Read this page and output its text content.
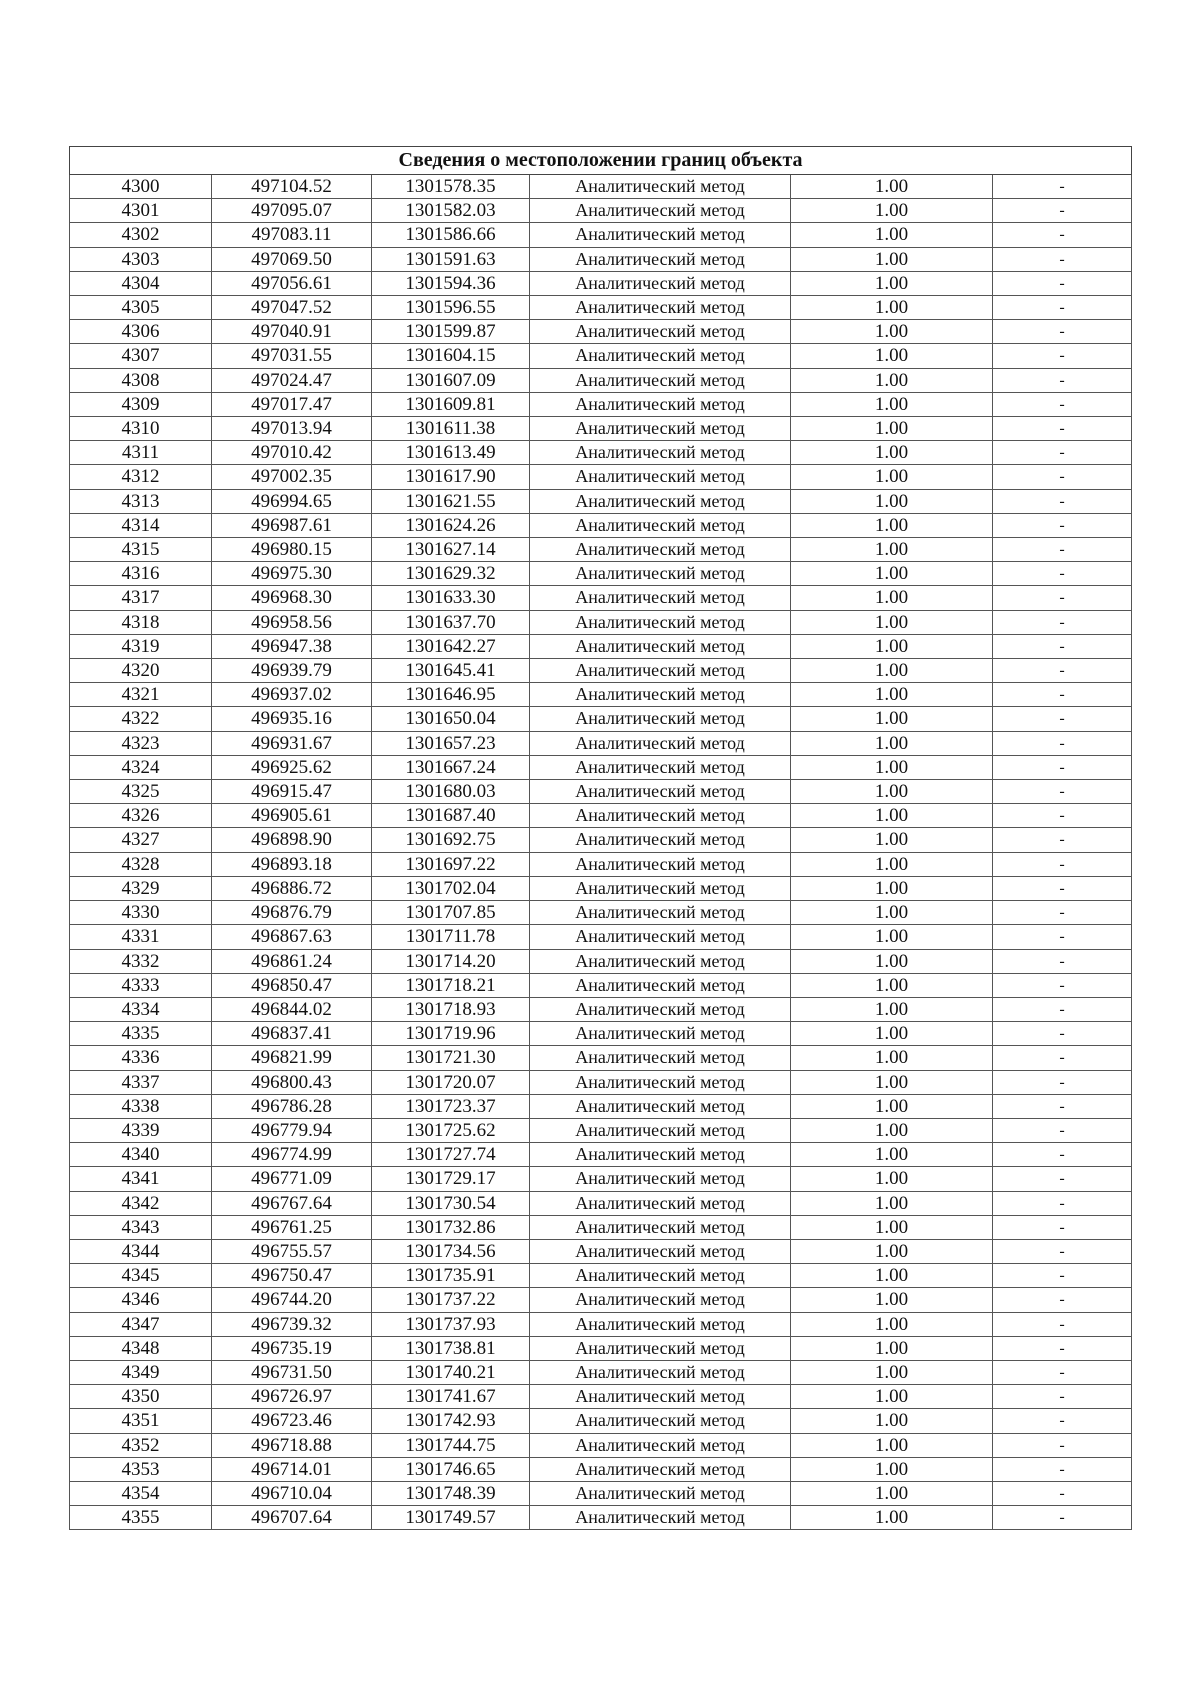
Сведения о местоположении границ объекта					
4300	497104.52	1301578.35	Аналитический метод	1.00	-
4301	497095.07	1301582.03	Аналитический метод	1.00	-
4302	497083.11	1301586.66	Аналитический метод	1.00	-
4303	497069.50	1301591.63	Аналитический метод	1.00	-
4304	497056.61	1301594.36	Аналитический метод	1.00	-
4305	497047.52	1301596.55	Аналитический метод	1.00	-
4306	497040.91	1301599.87	Аналитический метод	1.00	-
4307	497031.55	1301604.15	Аналитический метод	1.00	-
4308	497024.47	1301607.09	Аналитический метод	1.00	-
4309	497017.47	1301609.81	Аналитический метод	1.00	-
4310	497013.94	1301611.38	Аналитический метод	1.00	-
4311	497010.42	1301613.49	Аналитический метод	1.00	-
4312	497002.35	1301617.90	Аналитический метод	1.00	-
4313	496994.65	1301621.55	Аналитический метод	1.00	-
4314	496987.61	1301624.26	Аналитический метод	1.00	-
4315	496980.15	1301627.14	Аналитический метод	1.00	-
4316	496975.30	1301629.32	Аналитический метод	1.00	-
4317	496968.30	1301633.30	Аналитический метод	1.00	-
4318	496958.56	1301637.70	Аналитический метод	1.00	-
4319	496947.38	1301642.27	Аналитический метод	1.00	-
4320	496939.79	1301645.41	Аналитический метод	1.00	-
4321	496937.02	1301646.95	Аналитический метод	1.00	-
4322	496935.16	1301650.04	Аналитический метод	1.00	-
4323	496931.67	1301657.23	Аналитический метод	1.00	-
4324	496925.62	1301667.24	Аналитический метод	1.00	-
4325	496915.47	1301680.03	Аналитический метод	1.00	-
4326	496905.61	1301687.40	Аналитический метод	1.00	-
4327	496898.90	1301692.75	Аналитический метод	1.00	-
4328	496893.18	1301697.22	Аналитический метод	1.00	-
4329	496886.72	1301702.04	Аналитический метод	1.00	-
4330	496876.79	1301707.85	Аналитический метод	1.00	-
4331	496867.63	1301711.78	Аналитический метод	1.00	-
4332	496861.24	1301714.20	Аналитический метод	1.00	-
4333	496850.47	1301718.21	Аналитический метод	1.00	-
4334	496844.02	1301718.93	Аналитический метод	1.00	-
4335	496837.41	1301719.96	Аналитический метод	1.00	-
4336	496821.99	1301721.30	Аналитический метод	1.00	-
4337	496800.43	1301720.07	Аналитический метод	1.00	-
4338	496786.28	1301723.37	Аналитический метод	1.00	-
4339	496779.94	1301725.62	Аналитический метод	1.00	-
4340	496774.99	1301727.74	Аналитический метод	1.00	-
4341	496771.09	1301729.17	Аналитический метод	1.00	-
4342	496767.64	1301730.54	Аналитический метод	1.00	-
4343	496761.25	1301732.86	Аналитический метод	1.00	-
4344	496755.57	1301734.56	Аналитический метод	1.00	-
4345	496750.47	1301735.91	Аналитический метод	1.00	-
4346	496744.20	1301737.22	Аналитический метод	1.00	-
4347	496739.32	1301737.93	Аналитический метод	1.00	-
4348	496735.19	1301738.81	Аналитический метод	1.00	-
4349	496731.50	1301740.21	Аналитический метод	1.00	-
4350	496726.97	1301741.67	Аналитический метод	1.00	-
4351	496723.46	1301742.93	Аналитический метод	1.00	-
4352	496718.88	1301744.75	Аналитический метод	1.00	-
4353	496714.01	1301746.65	Аналитический метод	1.00	-
4354	496710.04	1301748.39	Аналитический метод	1.00	-
4355	496707.64	1301749.57	Аналитический метод	1.00	-
